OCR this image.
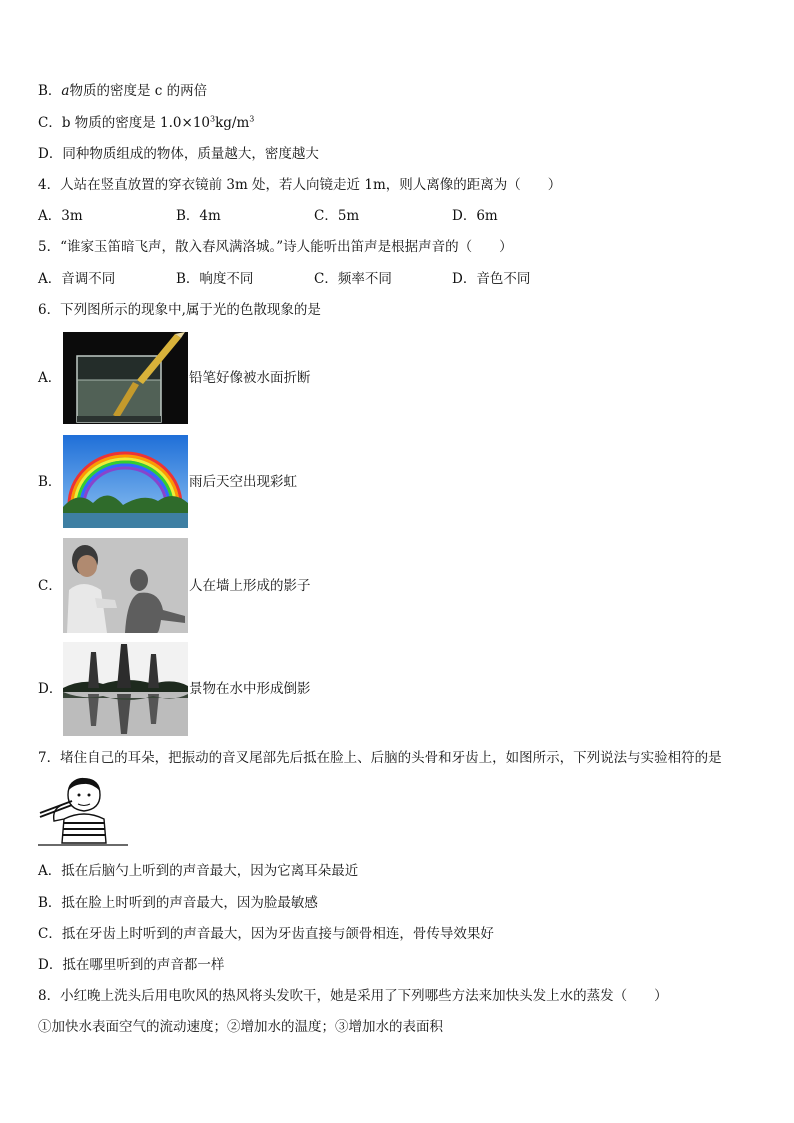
B．a物质的密度是 c 的两倍
C．b 物质的密度是 $1.0\times 10^3kg/m^3$
D．同种物质组成的物体，质量越大，密度越大
4．人站在竖直放置的穿衣镜前 3m 处，若人向镜走近 1m，则人离像的距离为（　　）
A．3m	B．4m	C．5m	D．6m
5．“谁家玉笛暗飞声，散入春风满洛城。”诗人能听出笛声是根据声音的（　　）
A．音调不同	B．响度不同	C．频率不同	D．音色不同
6．下列图所示的现象中,属于光的色散现象的是
A．	铅笔好像被水面折断
B．	雨后天空出现彩虹
C．	人在墙上形成的影子
D．	景物在水中形成倒影
7．堵住自己的耳朵，把振动的音叉尾部先后抵在脸上、后脑的头骨和牙齿上，如图所示，下列说法与实验相符的是
A．抵在后脑勺上听到的声音最大，因为它离耳朵最近
B．抵在脸上时听到的声音最大，因为脸最敏感
C．抵在牙齿上时听到的声音最大，因为牙齿直接与颌骨相连，骨传导效果好
D．抵在哪里听到的声音都一样
8．小红晚上洗头后用电吹风的热风将头发吹干，她是采用了下列哪些方法来加快头发上水的蒸发（　　）
①加快水表面空气的流动速度；②增加水的温度；③增加水的表面积
